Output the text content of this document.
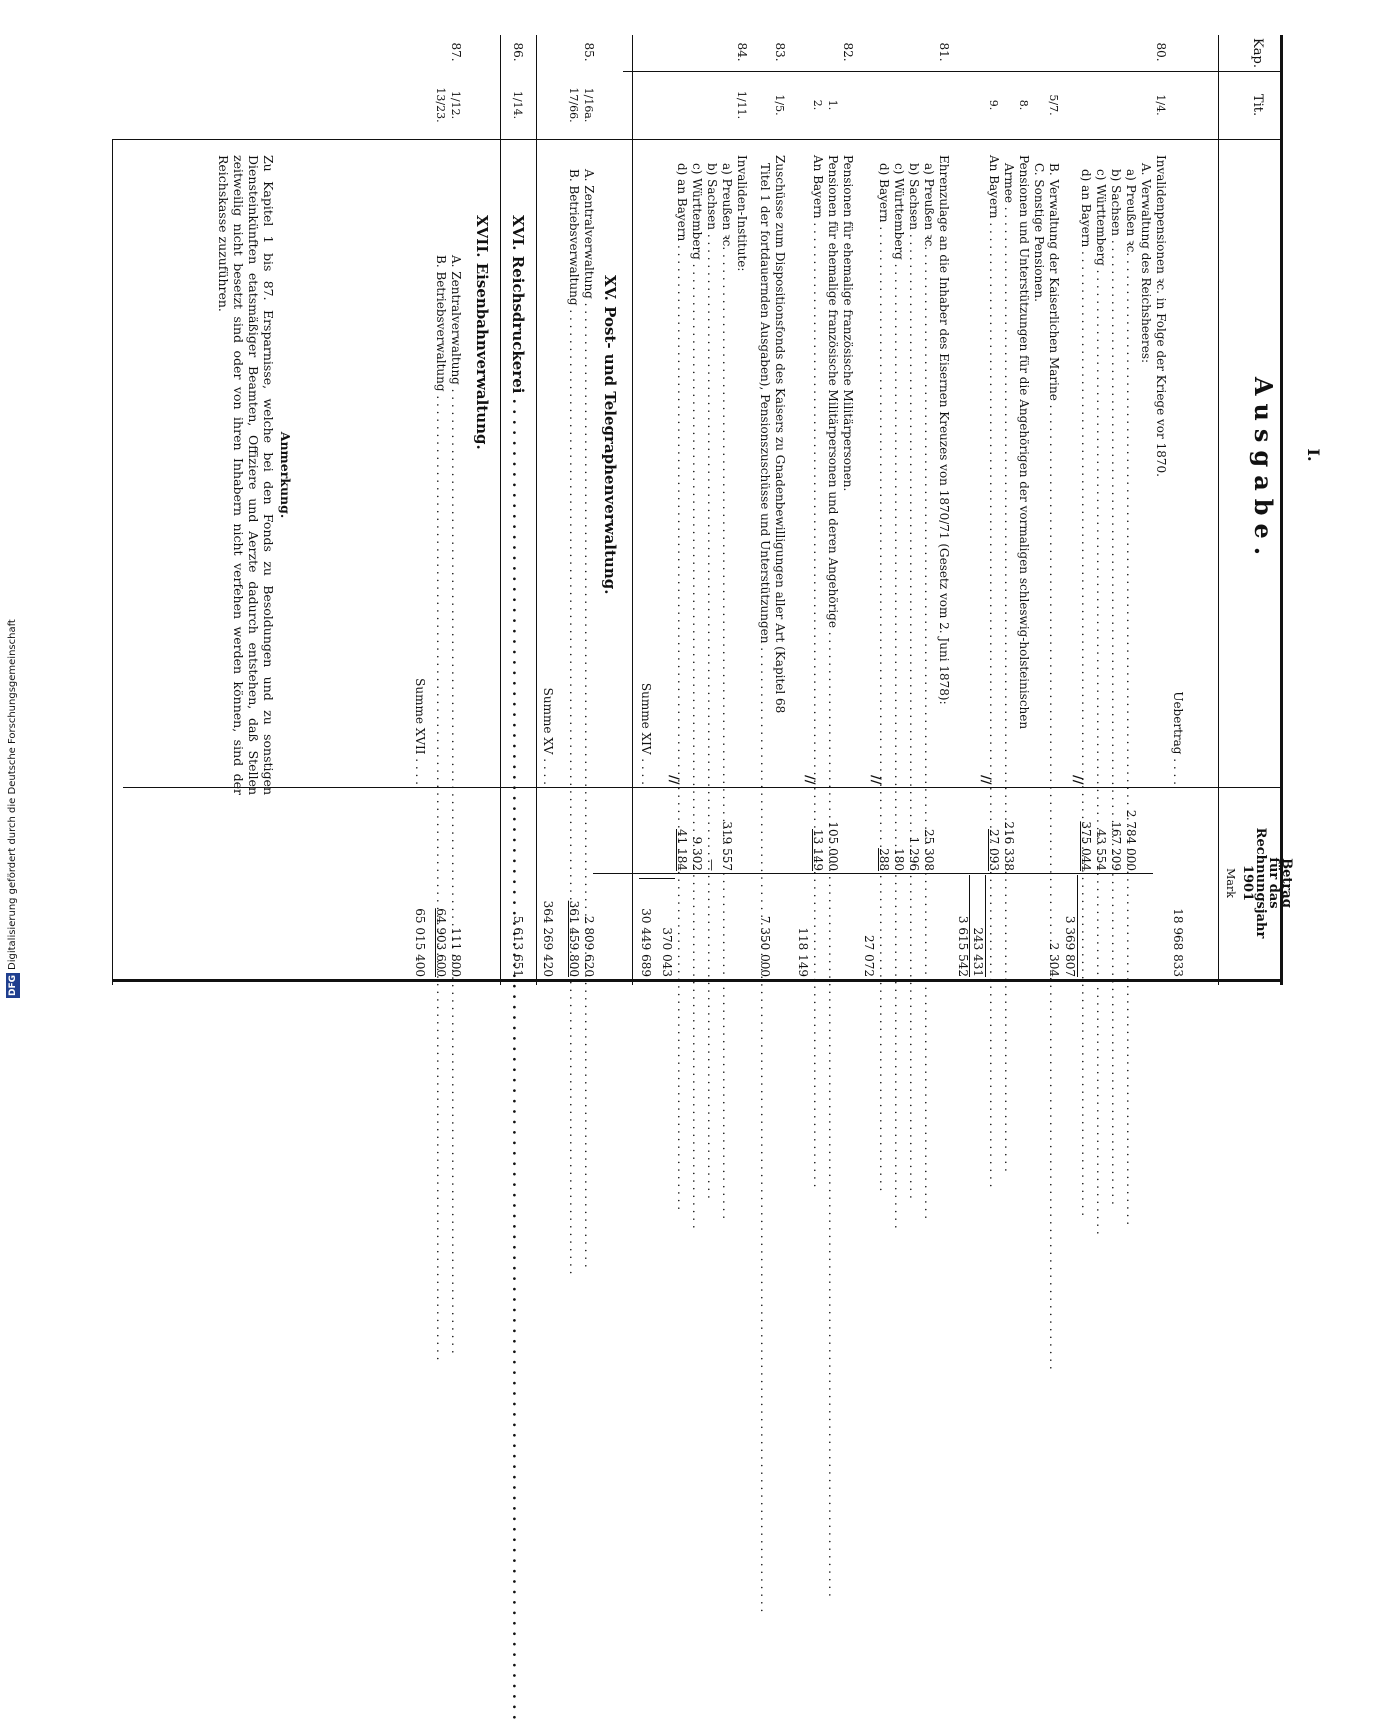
Kap.
Tit.
Ausgabe.
Betrag
für das
Rechnungsjahr
1901
Mark
I.
Uebertrag . . . .
18 968 833
80.
1/4.
Invalidenpensionen ꝛc. in Folge der Kriege vor 1870.
A. Verwaltung des Reichsheeres:
a) Preußen ꝛc. . . .
2 784 000
b) Sachsen . . .
167 209
c) Württemberg . . .
43 554
d) an Bayern . . .
375 044
3 369 807
//
5/7.
B. Verwaltung der Kaiserlichen Marine . . .
2 304
C. Sonstige Pensionen.
8.
Pensionen und Unterstützungen für die Angehörigen der vormaligen schleswig-holsteinischen
Armee . . .
216 338
9.
An Bayern . . .
27 093
243 431
//
3 615 542
81.
Ehrenzulage an die Inhaber des Eisernen Kreuzes von 1870/71 (Gesetz vom 2. Juni 1878):
a) Preußen ꝛc. . . .
25 308
b) Sachsen . . .
1 296
c) Württemberg . . .
180
d) Bayern . . .
288
27 072
//
82.
Pensionen für ehemalige französische Militärpersonen.
1.
Pensionen für ehemalige französische Militärpersonen und deren Angehörige . . .
105 000
2.
An Bayern . . .
13 149
118 149
//
83.
1/5.
Zuschüsse zum Dispositionsfonds des Kaisers zu Gnadenbewilligungen aller Art (Kapitel 68
Titel 1 der fortdauernden Ausgaben), Pensionszuschüsse und Unterstützungen . . .
7 350 000
84.
1/11.
Invaliden-Institute:
a) Preußen ꝛc. . . .
319 557
b) Sachsen . . .
—
c) Württemberg . . .
9 302
d) an Bayern . . .
41 184
370 043
//
Summe XIV . . . .
30 449 689
XV. Post- und Telegraphenverwaltung.
85.
1/16a.
A. Zentralverwaltung . . .
2 809 620
17/66.
B. Betriebsverwaltung . . .
361 459 800
Summe XV . . . .
364 269 420
86.
1/14.
XVI. Reichsdruckerei . . .
5 613 651
XVII. Eisenbahnverwaltung.
87.
1/12.
A. Zentralverwaltung . . .
111 800
13/23.
B. Betriebsverwaltung . . .
64 903 600
Summe XVII . . . .
65 015 400
Anmerkung.
Zu Kapitel 1 bis 87. Ersparnisse, welche bei den Fonds zu Besoldungen und zu sonstigen Diensteinkünften etatsmäßiger Beamten, Offiziere und Aerzte dadurch entstehen, daß Stellen zeitweilig nicht besetzt sind oder von ihren Inhabern nicht verfehen werden können, sind der Reichskasse zuzuführen.
DFGDigitalisierung gefördert durch die Deutsche Forschungsgemeinschaft
